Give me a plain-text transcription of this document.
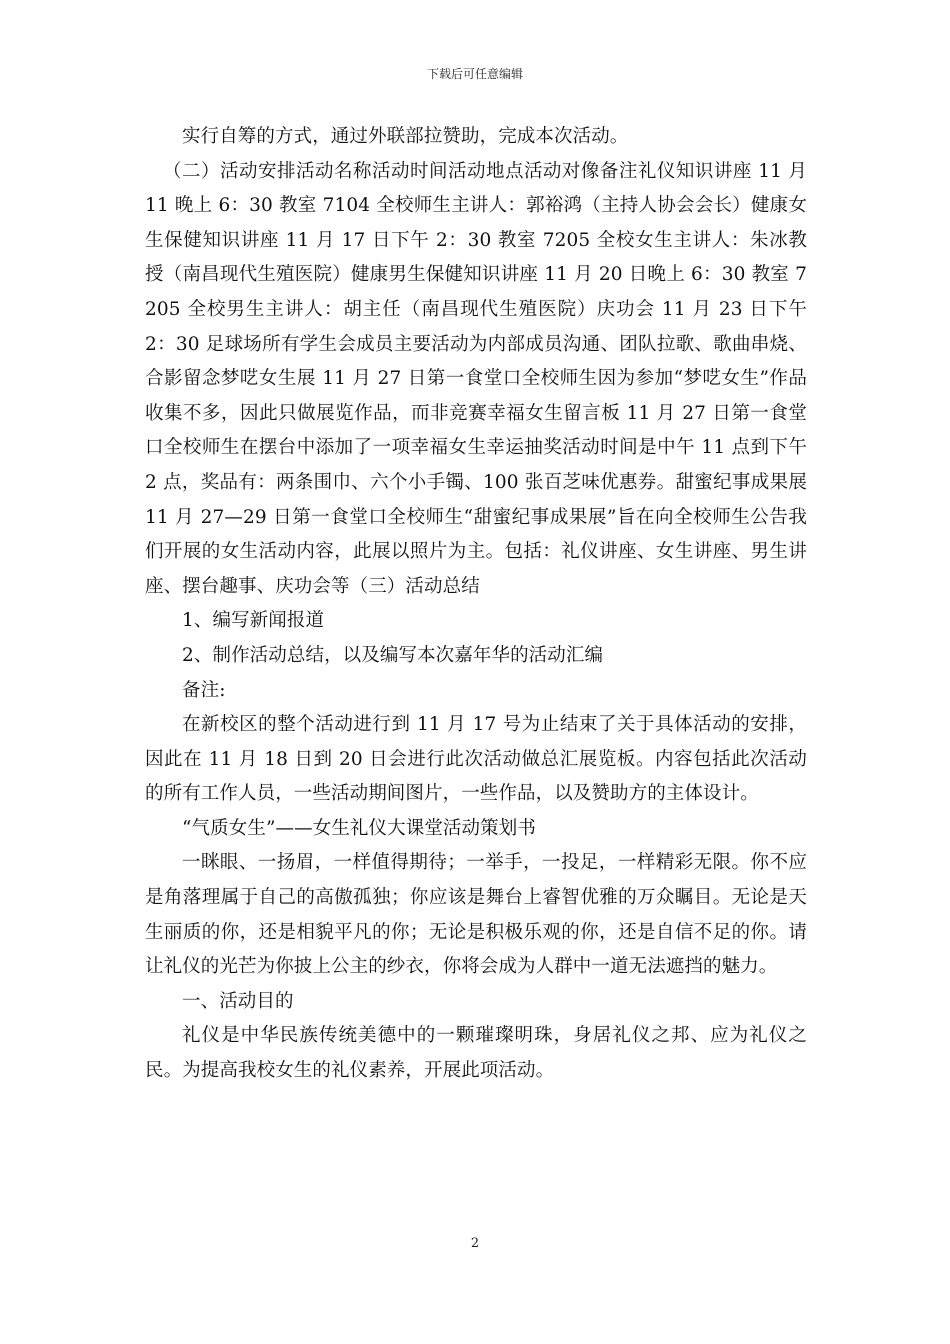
下载后可任意编辑

实行自筹的方式，通过外联部拉赞助，完成本次活动。

（二）活动安排活动名称活动时间活动地点活动对像备注礼仪知识讲座 11 月 11 晚上 6：30 教室 7104 全校师生主讲人：郭裕鸿（主持人协会会长）健康女生保健知识讲座 11 月 17 日下午 2：30 教室 7205 全校女生主讲人：朱冰教授（南昌现代生殖医院）健康男生保健知识讲座 11 月 20 日晚上 6：30 教室 7205 全校男生主讲人：胡主任（南昌现代生殖医院）庆功会 11 月 23 日下午 2：30 足球场所有学生会成员主要活动为内部成员沟通、团队拉歌、歌曲串烧、合影留念梦呓女生展 11 月 27 日第一食堂口全校师生因为参加“梦呓女生”作品收集不多，因此只做展览作品，而非竞赛幸福女生留言板 11 月 27 日第一食堂口全校师生在摆台中添加了一项幸福女生幸运抽奖活动时间是中午 11 点到下午 2 点，奖品有：两条围巾、六个小手镯、100 张百芝味优惠券。甜蜜纪事成果展 11 月 27—29 日第一食堂口全校师生“甜蜜纪事成果展”旨在向全校师生公告我们开展的女生活动内容，此展以照片为主。包括：礼仪讲座、女生讲座、男生讲座、摆台趣事、庆功会等（三）活动总结

1、编写新闻报道

2、制作活动总结，以及编写本次嘉年华的活动汇编

备注:

在新校区的整个活动进行到 11 月 17 号为止结束了关于具体活动的安排，因此在 11 月 18 日到 20 日会进行此次活动做总汇展览板。内容包括此次活动的所有工作人员，一些活动期间图片，一些作品，以及赞助方的主体设计。

“气质女生”——女生礼仪大课堂活动策划书

一眯眼、一扬眉，一样值得期待；一举手，一投足，一样精彩无限。你不应是角落理属于自己的高傲孤独；你应该是舞台上睿智优雅的万众瞩目。无论是天生丽质的你，还是相貌平凡的你；无论是积极乐观的你，还是自信不足的你。请让礼仪的光芒为你披上公主的纱衣，你将会成为人群中一道无法遮挡的魅力。

一、活动目的

礼仪是中华民族传统美德中的一颗璀璨明珠，身居礼仪之邦、应为礼仪之民。为提高我校女生的礼仪素养，开展此项活动。

2
